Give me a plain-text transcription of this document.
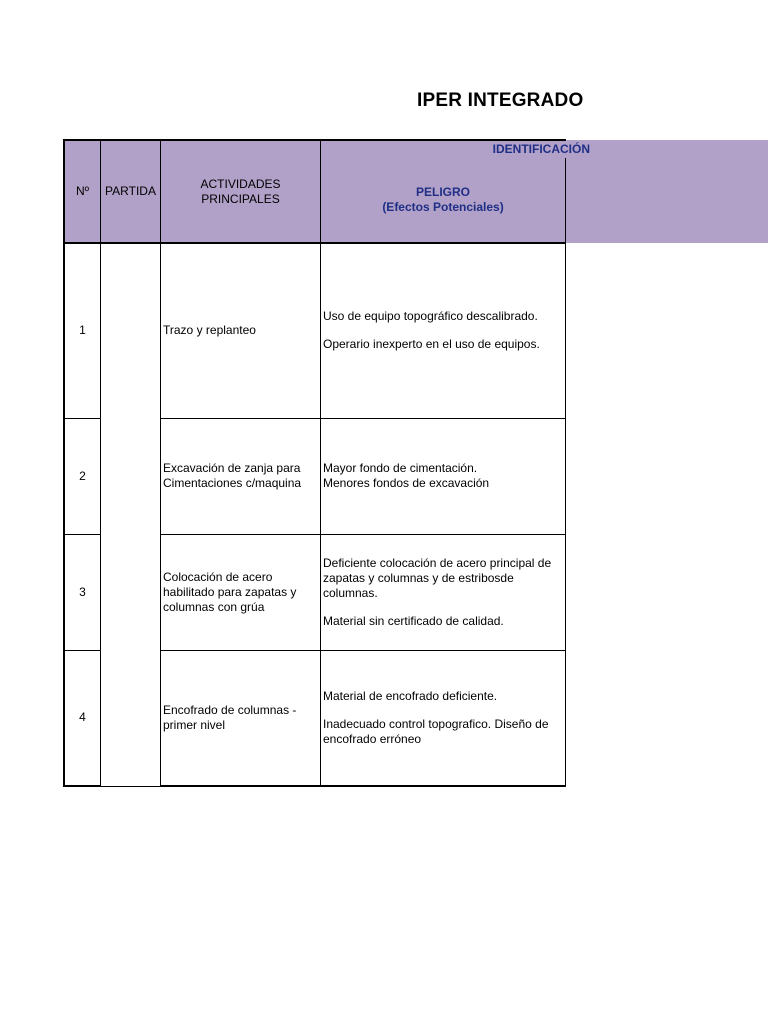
IPER INTEGRADO
Nº PARTIDA
ACTIVIDADES PRINCIPALES
IDENTIFICACIÓN
PELIGRO
(Efectos Potenciales)
1	Trazo y replanteo

Uso de equipo topográfico descalibrado.

Operario inexperto en el uso de equipos.

2
Excavación de zanja para Cimentaciones c/maquina

Mayor fondo de cimentación.

Menores fondos de excavación

3
Colocación de acero habilitado para zapatas y columnas con grúa

Deficiente colocación de acero principal de zapatas y columnas y de estribosde columnas.

Material sin certificado de calidad.

4
Encofrado de columnas - primer nivel

Material de encofrado deficiente.

Inadecuado control topografico. Diseño de encofrado erróneo
